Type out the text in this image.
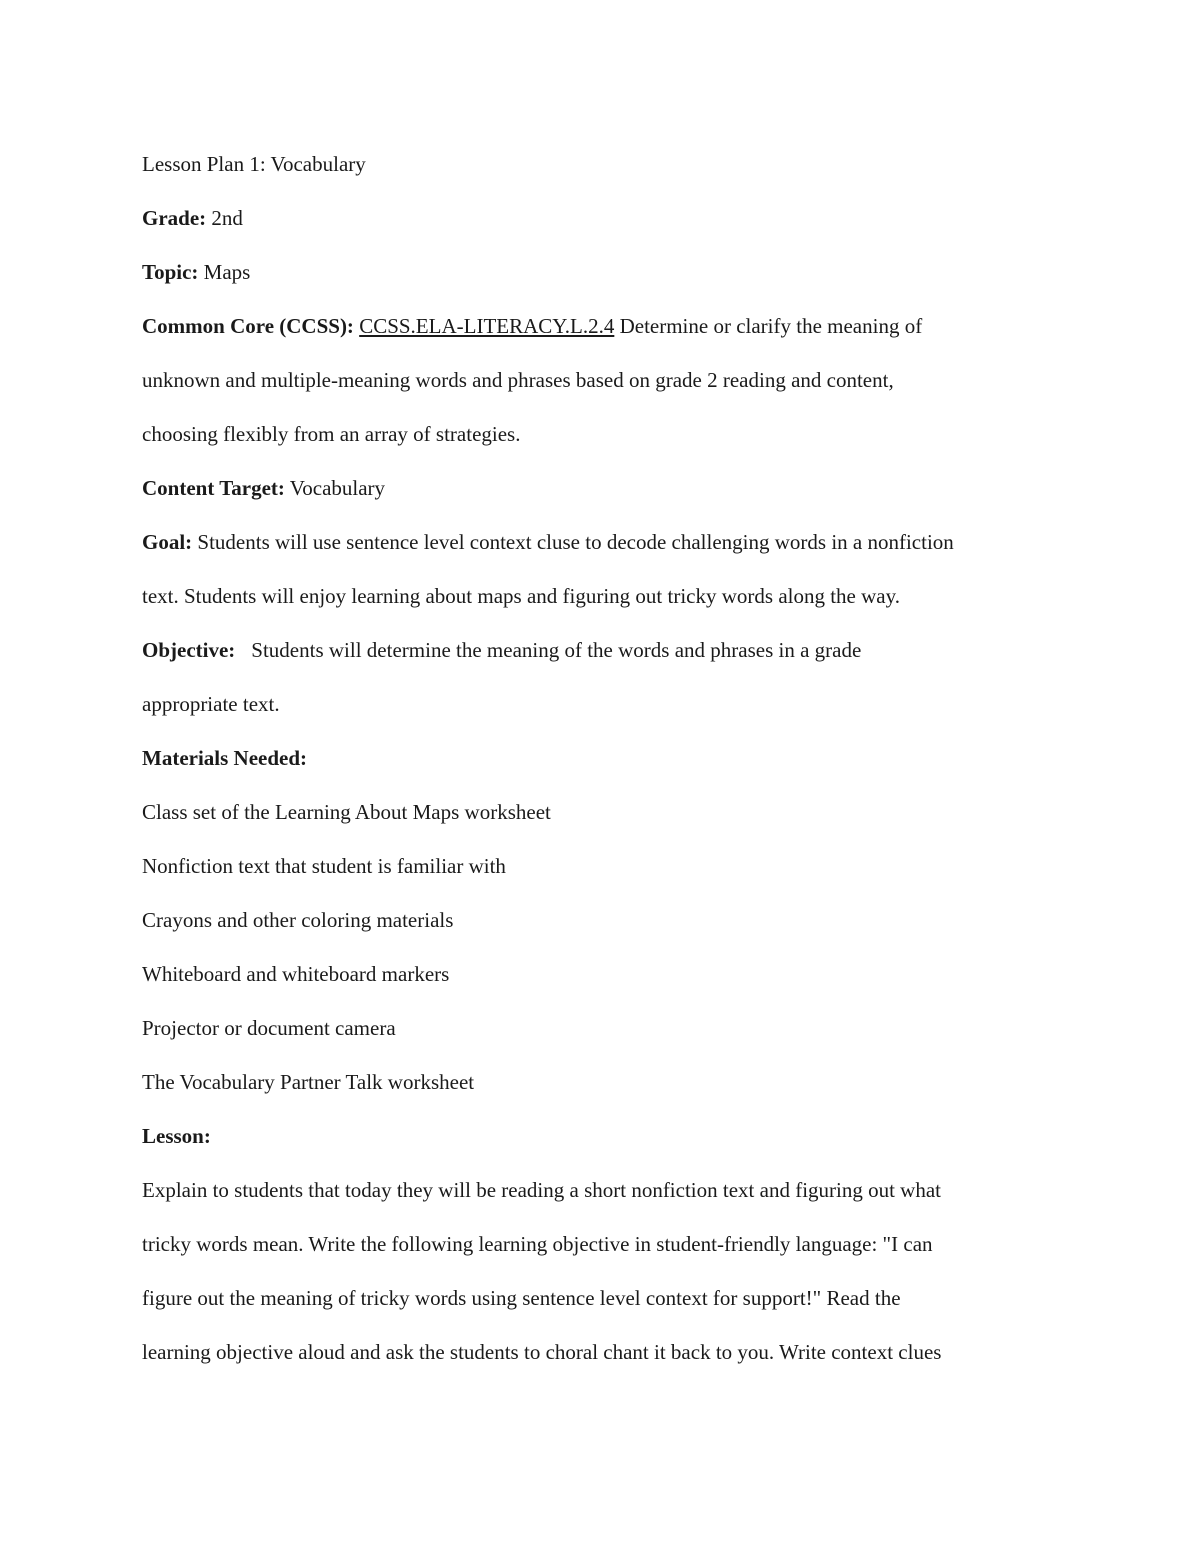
Lesson Plan 1: Vocabulary
Grade: 2nd
Topic: Maps
Common Core (CCSS): CCSS.ELA-LITERACY.L.2.4 Determine or clarify the meaning of
unknown and multiple-meaning words and phrases based on grade 2 reading and content,
choosing flexibly from an array of strategies.
Content Target: Vocabulary
Goal: Students will use sentence level context cluse to decode challenging words in a nonfiction
text. Students will enjoy learning about maps and figuring out tricky words along the way.
Objective: Students will determine the meaning of the words and phrases in a grade
appropriate text.
Materials Needed:
Class set of the Learning About Maps worksheet
Nonfiction text that student is familiar with
Crayons and other coloring materials
Whiteboard and whiteboard markers
Projector or document camera
The Vocabulary Partner Talk worksheet
Lesson:
Explain to students that today they will be reading a short nonfiction text and figuring out what
tricky words mean. Write the following learning objective in student-friendly language: "I can
figure out the meaning of tricky words using sentence level context for support!" Read the
learning objective aloud and ask the students to choral chant it back to you. Write context clues
